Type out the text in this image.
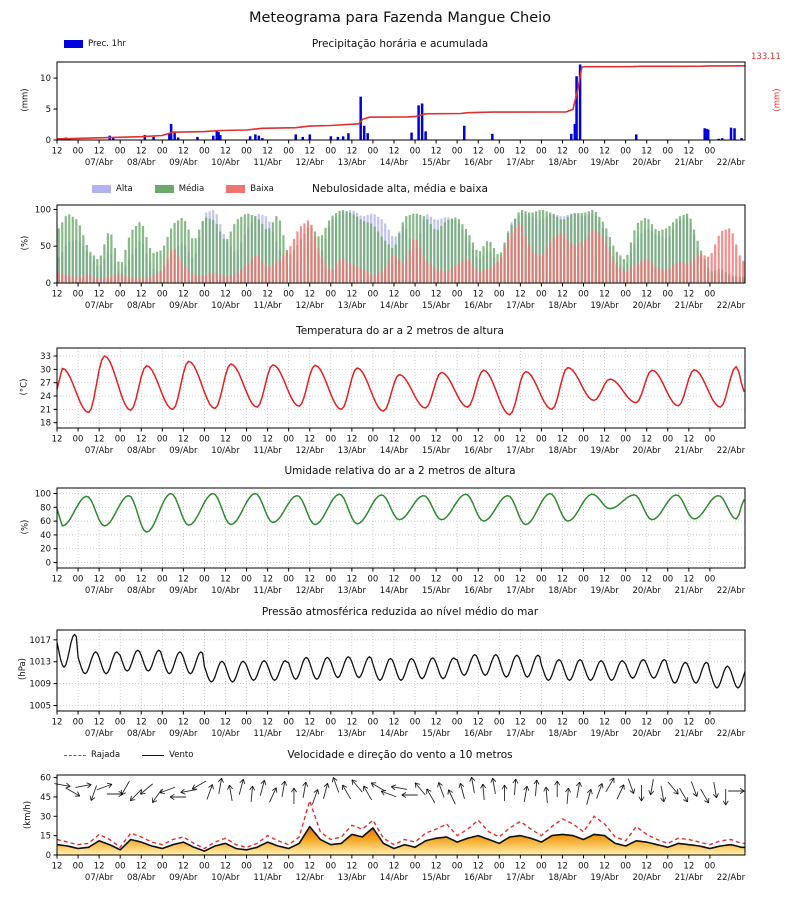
0
5
10
12 00 12 00 12 00 12 00 12 00 12 00 12 00 12 00 12 00 12 00 12 00 12 00 12 00 12 00 12 00 12 00
07/Abr 08/Abr 09/Abr 10/Abr 11/Abr 12/Abr 13/Abr 14/Abr 15/Abr 16/Abr 17/Abr 18/Abr 19/Abr 20/Abr 21/Abr 22/Abr
0
50
100
12 00 12 00 12 00 12 00 12 00 12 00 12 00 12 00 12 00 12 00 12 00 12 00 12 00 12 00 12 00 12 00
07/Abr 08/Abr 09/Abr 10/Abr 11/Abr 12/Abr 13/Abr 14/Abr 15/Abr 16/Abr 17/Abr 18/Abr 19/Abr 20/Abr 21/Abr 22/Abr
18
21
24
27
30
33
12 00 12 00 12 00 12 00 12 00 12 00 12 00 12 00 12 00 12 00 12 00 12 00 12 00 12 00 12 00 12 00
07/Abr 08/Abr 09/Abr 10/Abr 11/Abr 12/Abr 13/Abr 14/Abr 15/Abr 16/Abr 17/Abr 18/Abr 19/Abr 20/Abr 21/Abr 22/Abr
0
20
40
60
80
100
12 00 12 00 12 00 12 00 12 00 12 00 12 00 12 00 12 00 12 00 12 00 12 00 12 00 12 00 12 00 12 00
07/Abr 08/Abr 09/Abr 10/Abr 11/Abr 12/Abr 13/Abr 14/Abr 15/Abr 16/Abr 17/Abr 18/Abr 19/Abr 20/Abr 21/Abr 22/Abr
1005
1009
1013
1017
12 00 12 00 12 00 12 00 12 00 12 00 12 00 12 00 12 00 12 00 12 00 12 00 12 00 12 00 12 00 12 00
07/Abr 08/Abr 09/Abr 10/Abr 11/Abr 12/Abr 13/Abr 14/Abr 15/Abr 16/Abr 17/Abr 18/Abr 19/Abr 20/Abr 21/Abr 22/Abr
0
15
30
45
60
12 00 12 00 12 00 12 00 12 00 12 00 12 00 12 00 12 00 12 00 12 00 12 00 12 00 12 00 12 00 12 00
07/Abr 08/Abr 09/Abr 10/Abr 11/Abr 12/Abr 13/Abr 14/Abr 15/Abr 16/Abr 17/Abr 18/Abr 19/Abr 20/Abr 21/Abr 22/Abr
Meteograma para Fazenda Mangue Cheio
Prec. 1hr	Precipitação horária e acumulada
133.11
(mm)
(mm)
Alta	Média	Baixa	Nebulosidade alta, média e baixa
(%)
Temperatura do ar a 2 metros de altura
(°C)
Umidade relativa do ar a 2 metros de altura
(%)
Pressão atmosférica reduzida ao nível médio do mar
(hPa)
Rajada	Vento	Velocidade e direção do vento a 10 metros
(km/h)
